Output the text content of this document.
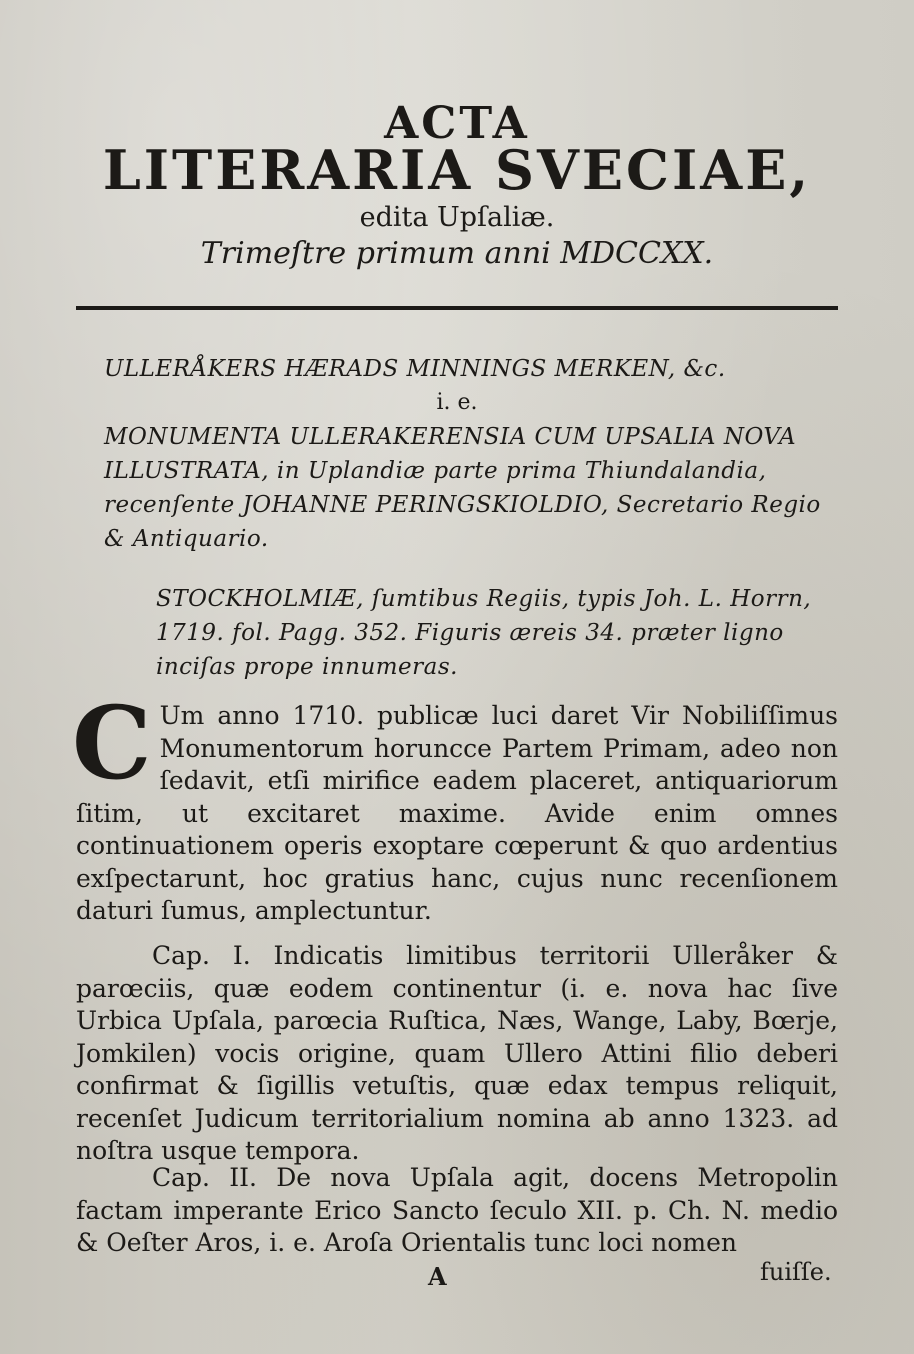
ACTA
LITERARIA SVECIAE,
edita Upſaliæ.
Trimeſtre primum anni MDCCXX.
ULLERÅKERS HÆRADS MINNINGS MERKEN, &c.
i. e.
MONUMENTA ULLERAKERENSIA CUM UPSALIA NOVA ILLUSTRATA, in Uplandiæ parte prima Thiundalandia, recenſente JOHANNE PERINGSKIOLDIO, Secretario Regio & Antiquario.
STOCKHOLMIÆ, ſumtibus Regiis, typis Joh. L. Horrn, 1719. fol. Pagg. 352. Figuris æreis 34. præter ligno inciſas prope innumeras.
C Um anno 1710. publicæ luci daret Vir Nobiliſſimus Monumentorum horuncce Partem Primam, adeo non ſedavit, etſi mirifice eadem placeret, antiquariorum ſitim, ut excitaret maxime. Avide enim omnes continuationem operis exoptare cœperunt & quo ardentius exſpectarunt, hoc gratius hanc, cujus nunc recenſionem daturi ſumus, amplectuntur.
Cap. I. Indicatis limitibus territorii Ulleråker & parœciis, quæ eodem continentur (i. e. nova hac ſive Urbica Upſala, parœcia Ruſtica, Næs, Wange, Laby, Bœrje, Jomkilen) vocis origine, quam Ullero Attini filio deberi confirmat & ſigillis vetuſtis, quæ edax tempus reliquit, recenſet Judicum territorialium nomina ab anno 1323. ad noſtra usque tempora.
Cap. II. De nova Upſala agit, docens Metropolin factam imperante Erico Sancto ſeculo XII. p. Ch. N. medio & Oeſter Aros, i. e. Aroſa Orientalis tunc loci nomen
A	fuiſſe.
